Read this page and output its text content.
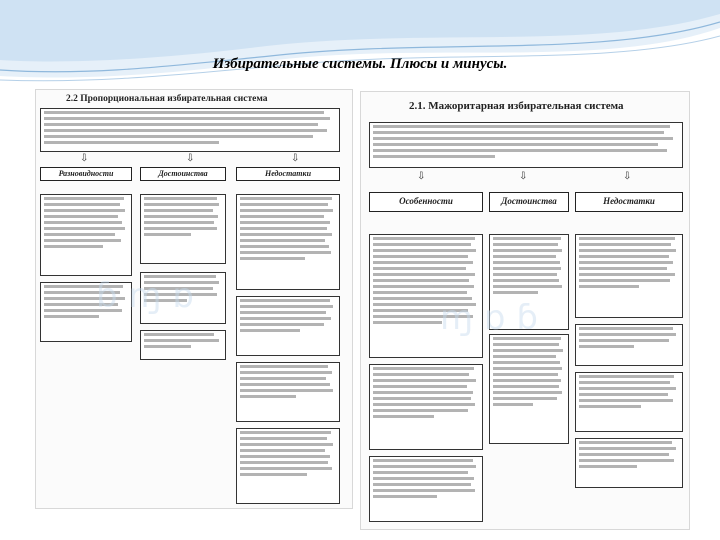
Избирательные системы. Плюсы и минусы.
2.2 Пропорциональная избирательная система
⇩	⇩	⇩
Разновидности	Достоинства	Недостатки
2.1. Мажоритарная избирательная система
⇩	⇩	⇩
Особенности	Достоинства	Недостатки
ɓ ɱ ɒ
ɱ ɒ ɓ
